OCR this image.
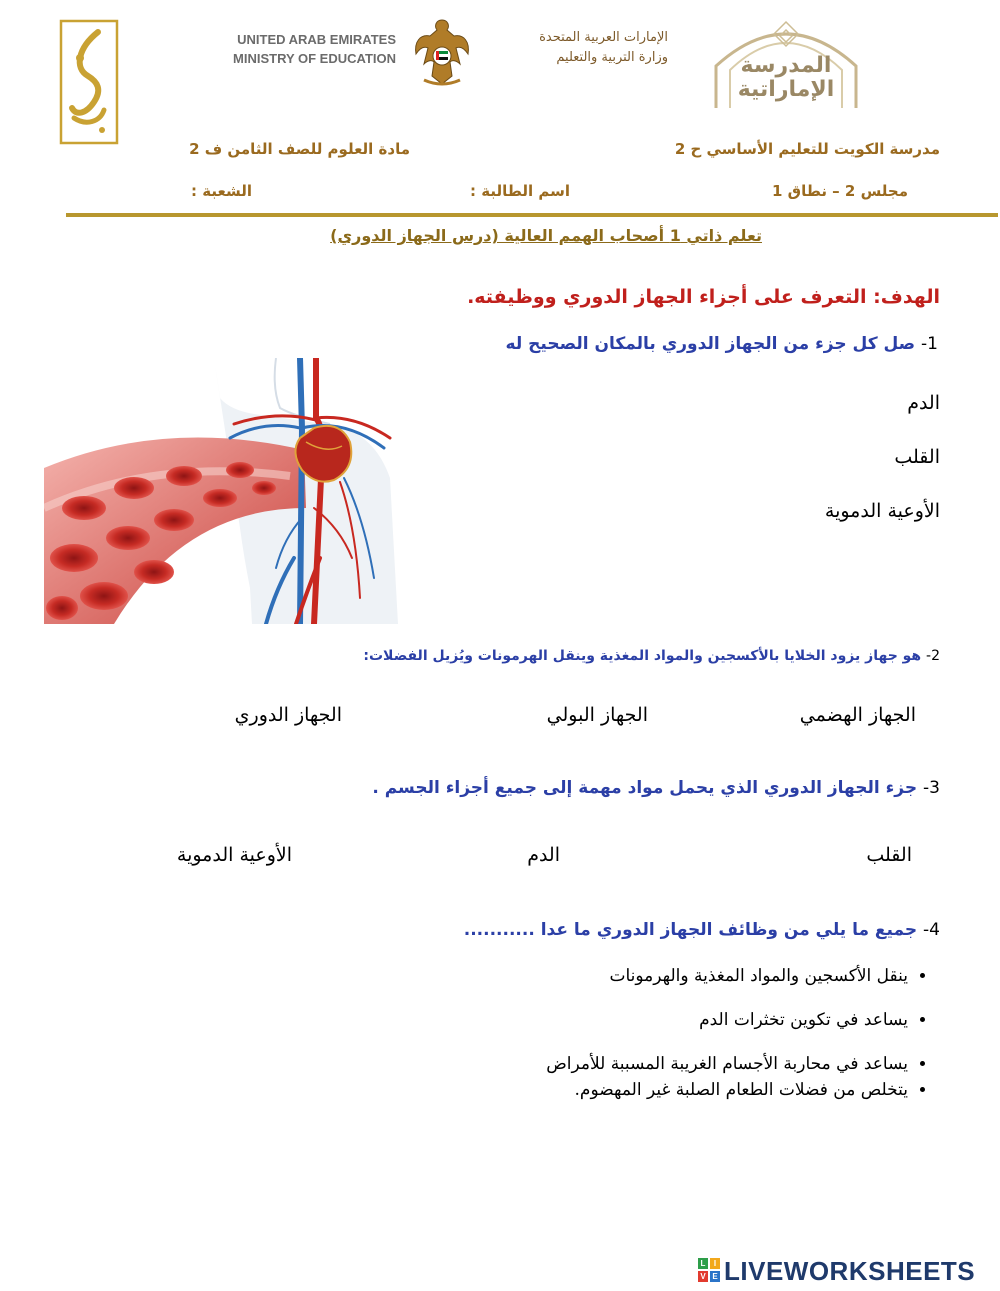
UNITED ARAB EMIRATES
MINISTRY OF EDUCATION
الإمارات العربية المتحدة
وزارة التربية والتعليم	المدرسة
الإماراتية
مدرسة الكويت للتعليم الأساسي ح 2
مادة العلوم للصف الثامن ف 2
مجلس 2 – نطاق 1
اسم الطالبة :
الشعبة :
تعلم ذاتي 1 أصحاب الهمم العالية (درس الجهاز الدوري)
الهدف: التعرف على أجزاء الجهاز الدوري ووظيفته.
1- صل كل جزء من الجهاز الدوري بالمكان الصحيح له
الدم
القلب
الأوعية الدموية
2- هو جهاز يزود الخلايا بالأكسجين والمواد المغذية وينقل الهرمونات ويُزيل الفضلات:
الجهاز الهضمي
الجهاز البولي
الجهاز الدوري
3- جزء الجهاز الدوري الذي يحمل مواد مهمة إلى جميع أجزاء الجسم .
القلب
الدم
الأوعية الدموية
4- جميع ما يلي من وظائف الجهاز الدوري ما عدا ...........
• ينقل الأكسجين والمواد المغذية والهرمونات
• يساعد في تكوين تخثرات الدم
• يساعد في محاربة الأجسام الغريبة المسببة للأمراض
• يتخلص من فضلات الطعام الصلبة غير المهضوم.
L	I
V E LIVEWORKSHEETS
